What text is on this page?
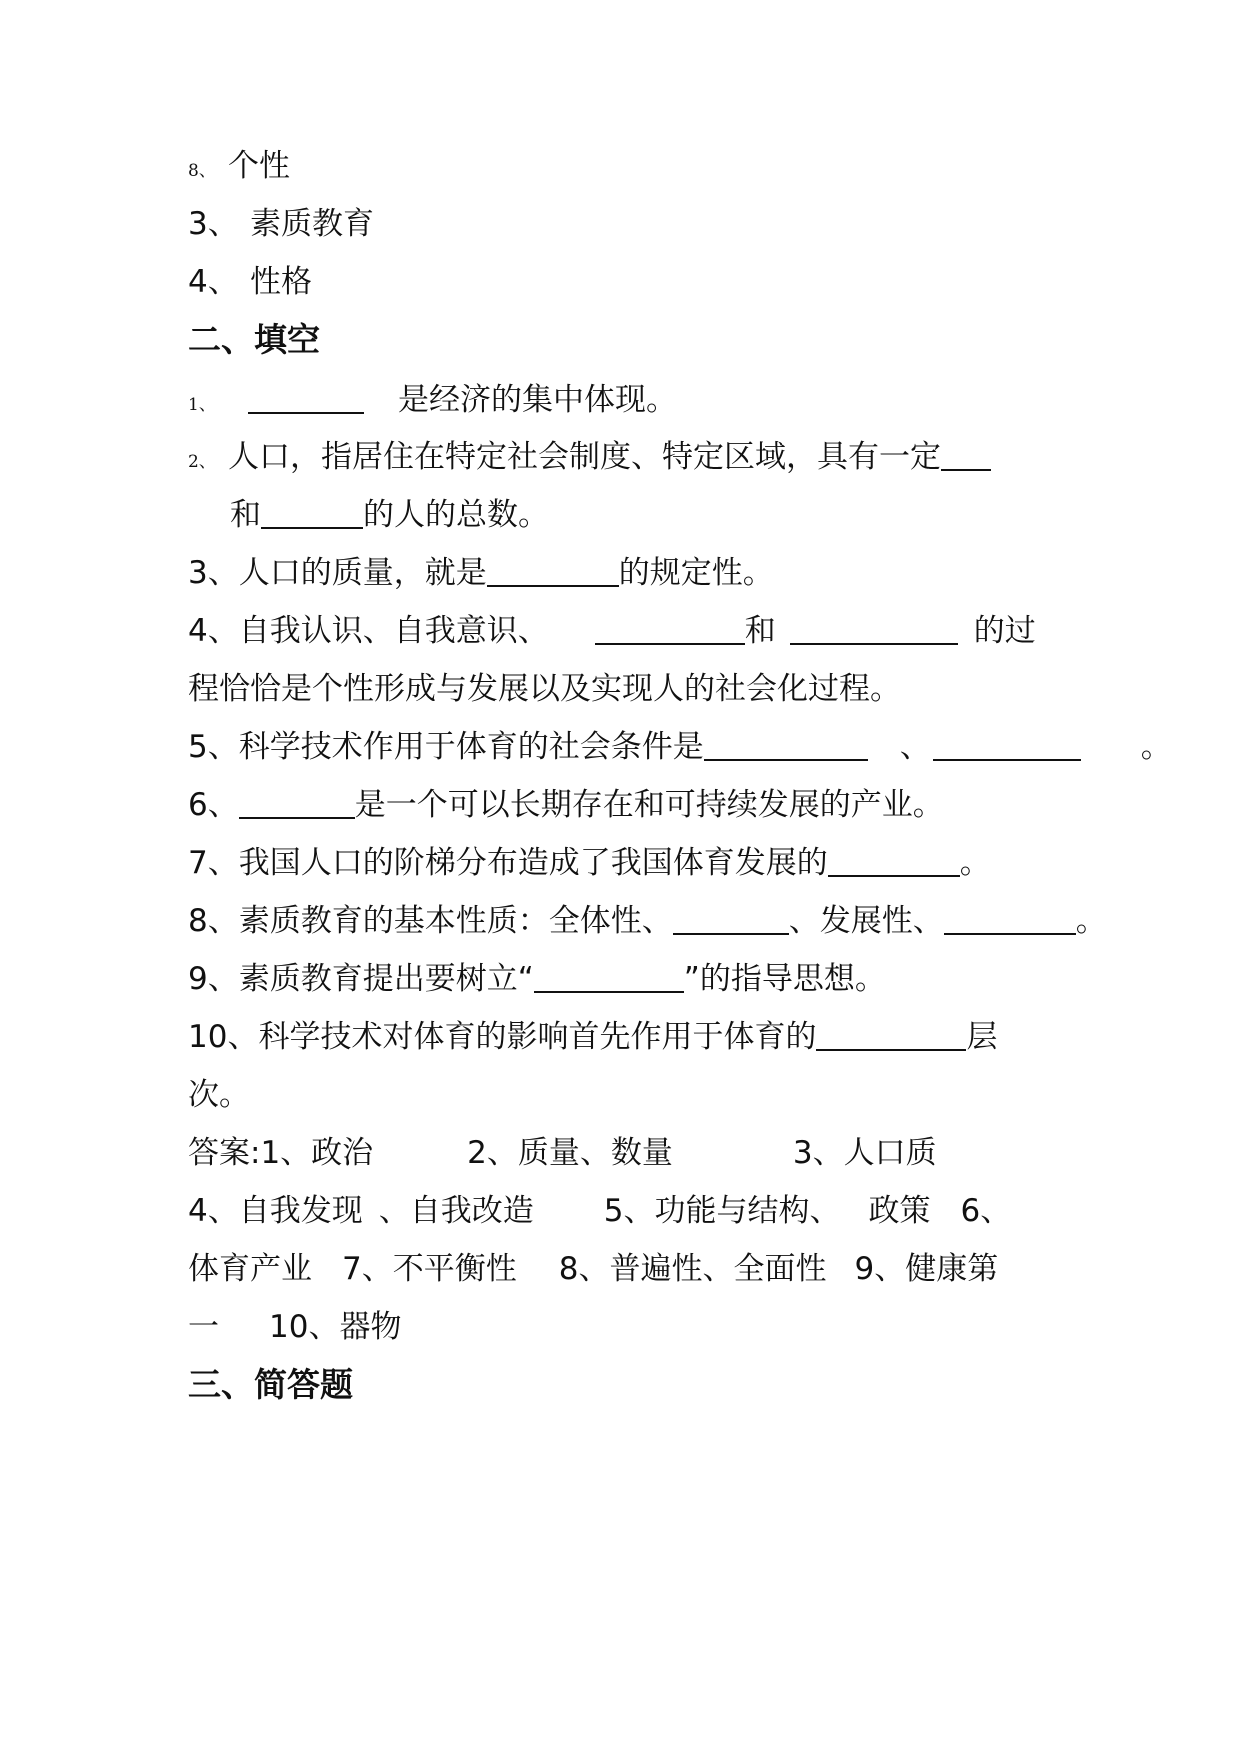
8、 个性
3、 素质教育
4、 性格
二、填空
1、	是经济的集中体现。
2、 人口，指居住在特定社会制度、特定区域，具有一定
和	的人的总数。
3、人口的质量，就是	的规定性。
4、自我认识、自我意识、	和	的过
程恰恰是个性形成与发展以及实现人的社会化过程。
5、科学技术作用于体育的社会条件是	、	。
6、	是一个可以长期存在和可持续发展的产业。
7、我国人口的阶梯分布造成了我国体育发展的	。
8、素质教育的基本性质：全体性、	、发展性、	。
9、素质教育提出要树立“	”的指导思想。
10、科学技术对体育的影响首先作用于体育的	层
次。
答案:1、政治	2、质量、数量	3、人口质
4、自我发现 、自我改造 5、功能与结构、 政策 6、
体育产业 7、不平衡性 8、普遍性、全面性 9、健康第
一 10、器物
三、简答题
